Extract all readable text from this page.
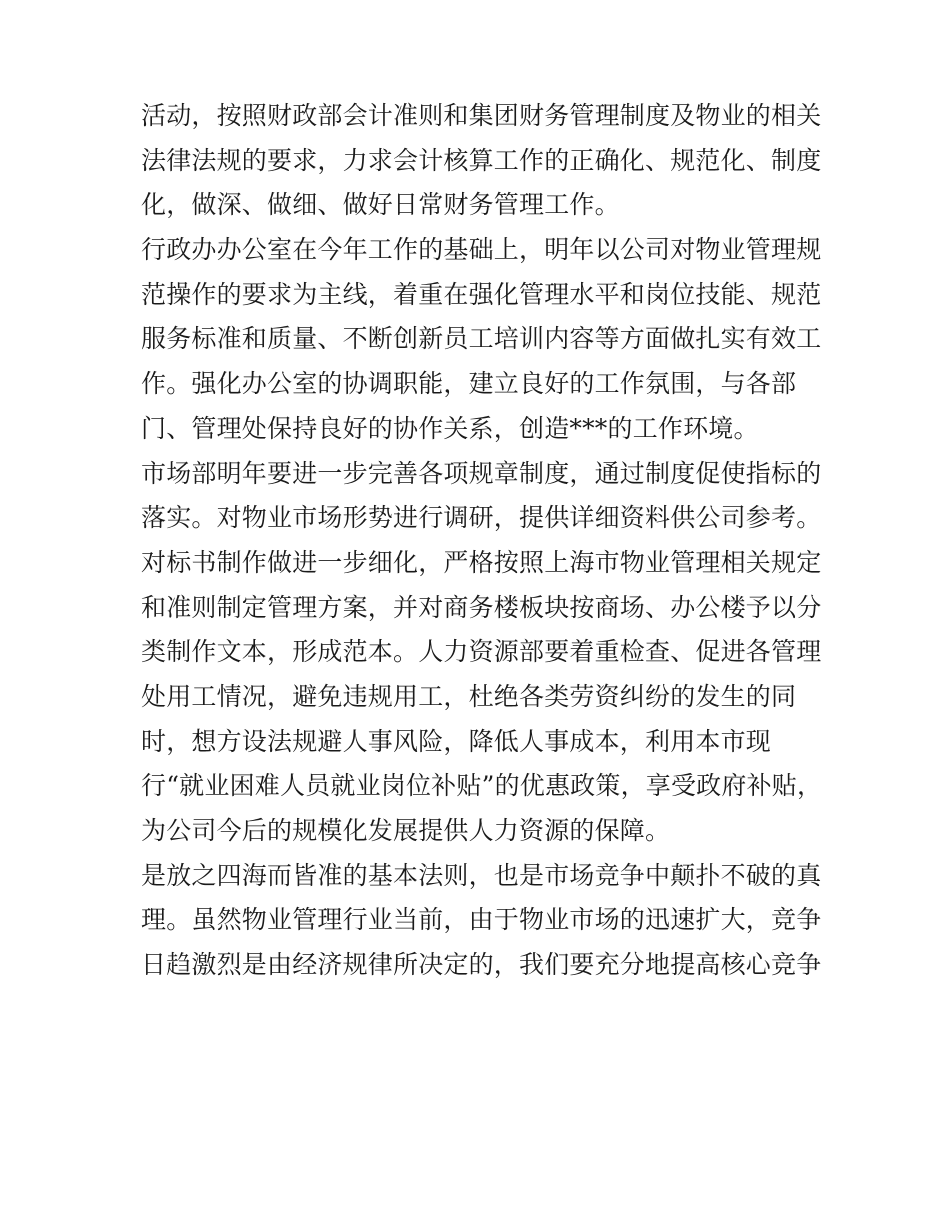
活动，按照财政部会计准则和集团财务管理制度及物业的相关
法律法规的要求，力求会计核算工作的正确化、规范化、制度
化，做深、做细、做好日常财务管理工作。
行政办办公室在今年工作的基础上，明年以公司对物业管理规
范操作的要求为主线，着重在强化管理水平和岗位技能、规范
服务标准和质量、不断创新员工培训内容等方面做扎实有效工
作。强化办公室的协调职能，建立良好的工作氛围，与各部
门、管理处保持良好的协作关系，创造***的工作环境。
市场部明年要进一步完善各项规章制度，通过制度促使指标的
落实。对物业市场形势进行调研，提供详细资料供公司参考。
对标书制作做进一步细化，严格按照上海市物业管理相关规定
和准则制定管理方案，并对商务楼板块按商场、办公楼予以分
类制作文本，形成范本。人力资源部要着重检查、促进各管理
处用工情况，避免违规用工，杜绝各类劳资纠纷的发生的同
时，想方设法规避人事风险，降低人事成本，利用本市现
行“就业困难人员就业岗位补贴”的优惠政策，享受政府补贴，
为公司今后的规模化发展提供人力资源的保障。
是放之四海而皆准的基本法则，也是市场竞争中颠扑不破的真
理。虽然物业管理行业当前，由于物业市场的迅速扩大，竞争
日趋激烈是由经济规律所决定的，我们要充分地提高核心竞争
